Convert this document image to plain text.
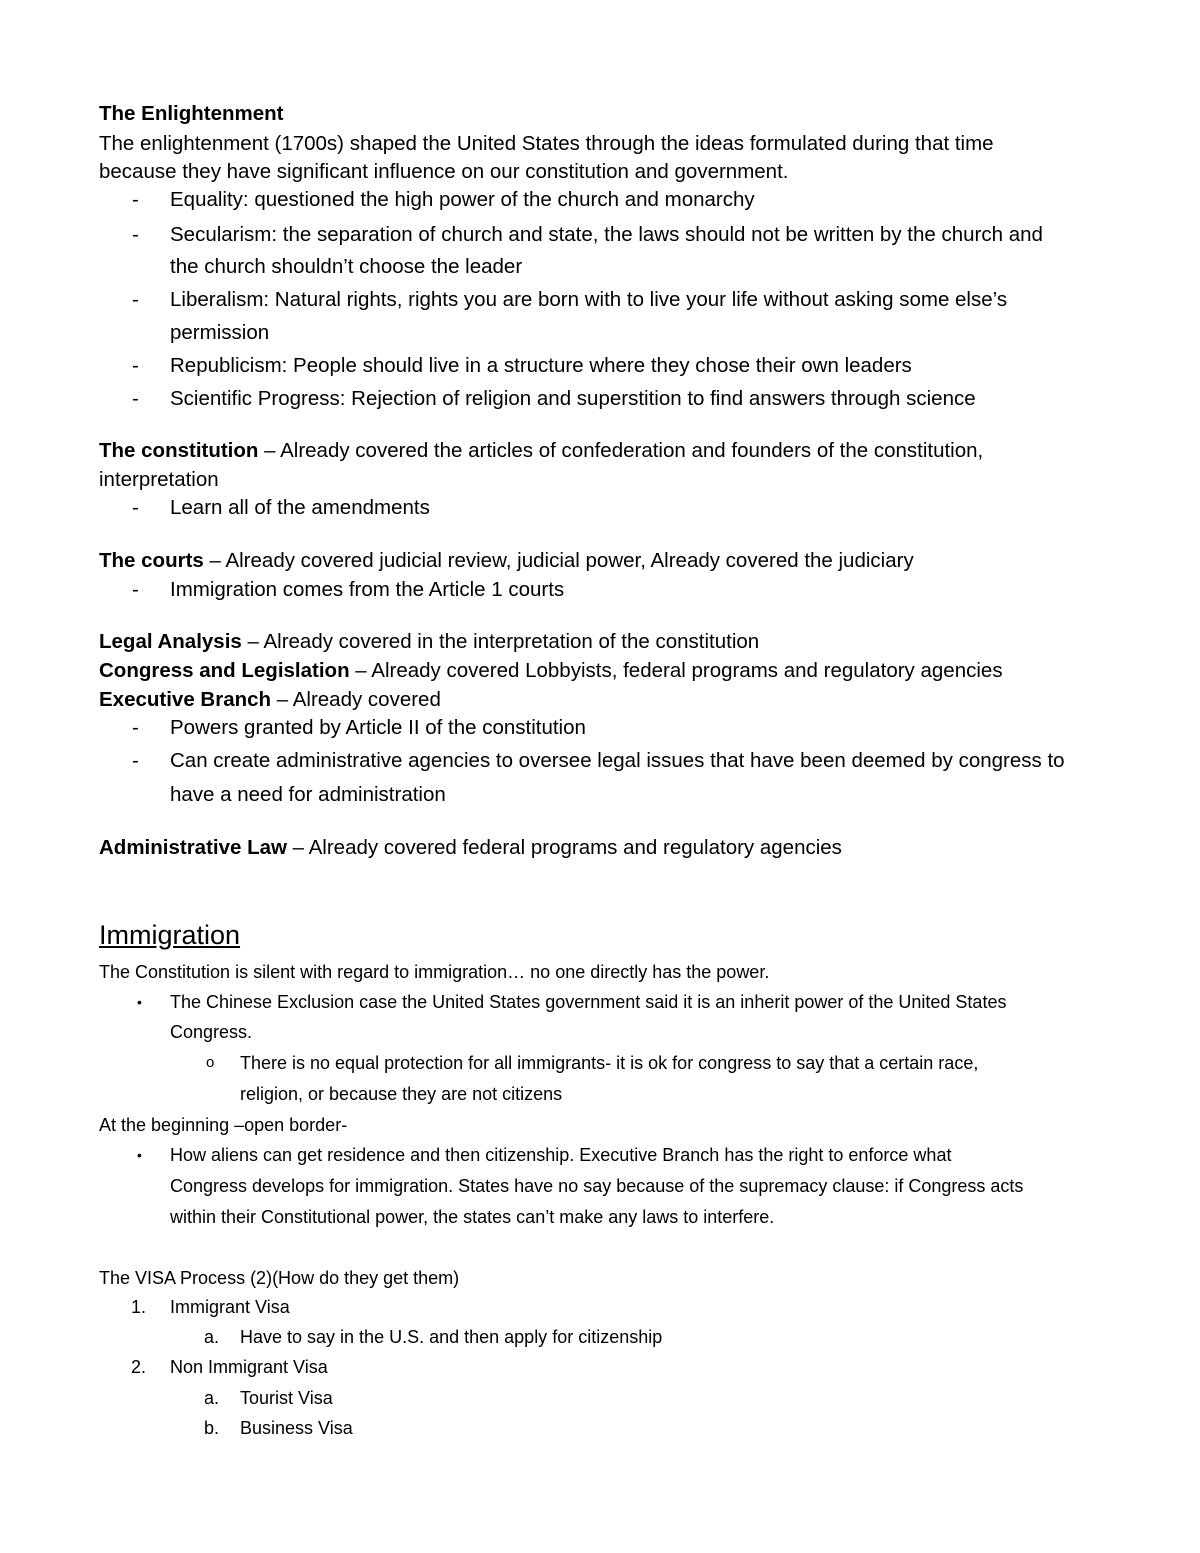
The Enlightenment
The enlightenment (1700s) shaped the United States through the ideas formulated during that time
because they have significant influence on our constitution and government.
- Equality: questioned the high power of the church and monarchy
- Secularism: the separation of church and state, the laws should not be written by the church and
the church shouldn’t choose the leader
- Liberalism: Natural rights, rights you are born with to live your life without asking some else’s
permission
- Republicism: People should live in a structure where they chose their own leaders
- Scientific Progress: Rejection of religion and superstition to find answers through science
The constitution – Already covered the articles of confederation and founders of the constitution,
interpretation
- Learn all of the amendments
The courts – Already covered judicial review, judicial power, Already covered the judiciary
- Immigration comes from the Article 1 courts
Legal Analysis – Already covered in the interpretation of the constitution
Congress and Legislation – Already covered Lobbyists, federal programs and regulatory agencies
Executive Branch – Already covered
- Powers granted by Article II of the constitution
- Can create administrative agencies to oversee legal issues that have been deemed by congress to
have a need for administration
Administrative Law – Already covered federal programs and regulatory agencies
Immigration
The Constitution is silent with regard to immigration… no one directly has the power.
• The Chinese Exclusion case the United States government said it is an inherit power of the United States
Congress.
o There is no equal protection for all immigrants- it is ok for congress to say that a certain race,
religion, or because they are not citizens
At the beginning –open border-
• How aliens can get residence and then citizenship. Executive Branch has the right to enforce what
Congress develops for immigration. States have no say because of the supremacy clause: if Congress acts
within their Constitutional power, the states can’t make any laws to interfere.
The VISA Process (2)(How do they get them)
1. Immigrant Visa
a. Have to say in the U.S. and then apply for citizenship
2. Non Immigrant Visa
a. Tourist Visa
b. Business Visa
